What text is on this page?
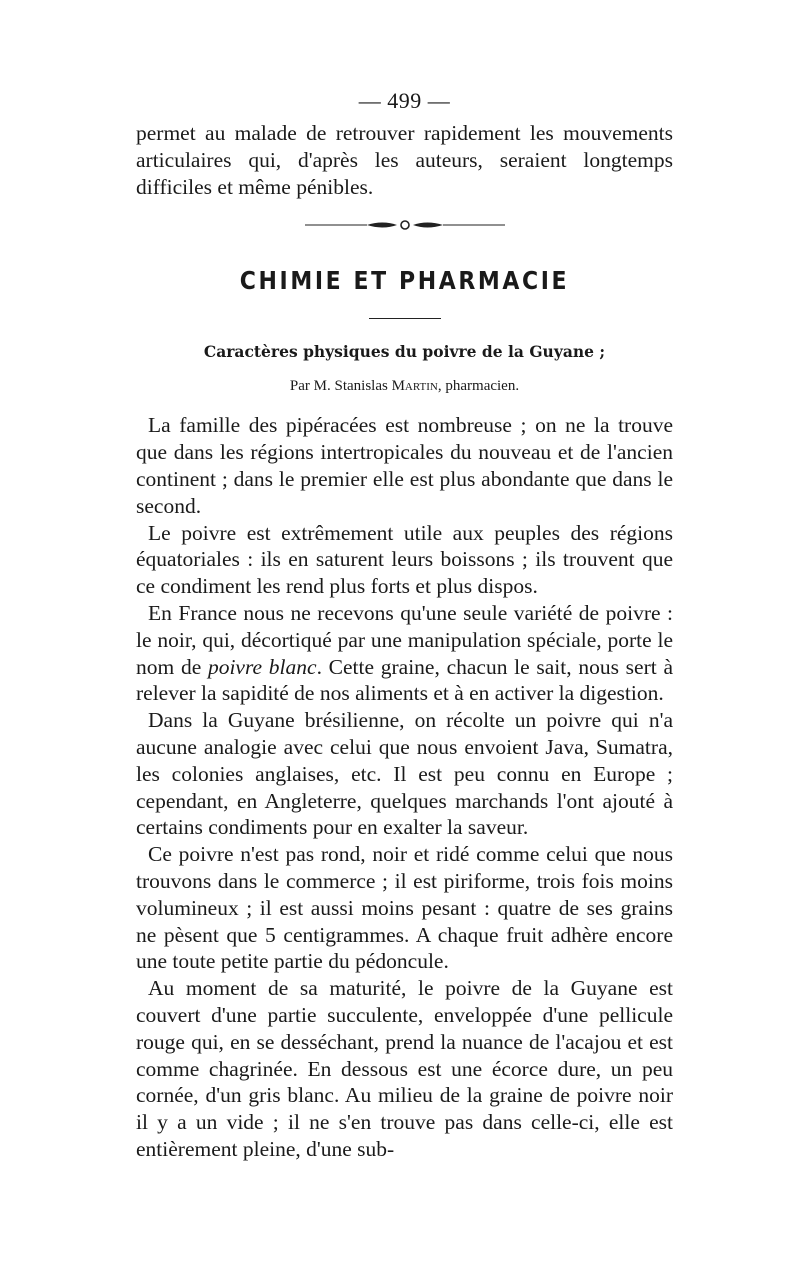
— 499 —

permet au malade de retrouver rapidement les mouvements articulaires qui, d'après les auteurs, seraient longtemps difficiles et même pénibles.

CHIMIE ET PHARMACIE
Caractères physiques du poivre de la Guyane ;
Par M. Stanislas Martin, pharmacien.

La famille des pipéracées est nombreuse ; on ne la trouve que dans les régions intertropicales du nouveau et de l'ancien continent ; dans le premier elle est plus abondante que dans le second.

Le poivre est extrêmement utile aux peuples des régions équatoriales : ils en saturent leurs boissons ; ils trouvent que ce condiment les rend plus forts et plus dispos.

En France nous ne recevons qu'une seule variété de poivre : le noir, qui, décortiqué par une manipulation spéciale, porte le nom de poivre blanc. Cette graine, chacun le sait, nous sert à relever la sapidité de nos aliments et à en activer la digestion.

Dans la Guyane brésilienne, on récolte un poivre qui n'a aucune analogie avec celui que nous envoient Java, Sumatra, les colonies anglaises, etc. Il est peu connu en Europe ; cependant, en Angleterre, quelques marchands l'ont ajouté à certains condiments pour en exalter la saveur.

Ce poivre n'est pas rond, noir et ridé comme celui que nous trouvons dans le commerce ; il est piriforme, trois fois moins volumineux ; il est aussi moins pesant : quatre de ses grains ne pèsent que 5 centigrammes. A chaque fruit adhère encore une toute petite partie du pédoncule.

Au moment de sa maturité, le poivre de la Guyane est couvert d'une partie succulente, enveloppée d'une pellicule rouge qui, en se desséchant, prend la nuance de l'acajou et est comme chagrinée. En dessous est une écorce dure, un peu cornée, d'un gris blanc. Au milieu de la graine de poivre noir il y a un vide ; il ne s'en trouve pas dans celle-ci, elle est entièrement pleine, d'une sub-
